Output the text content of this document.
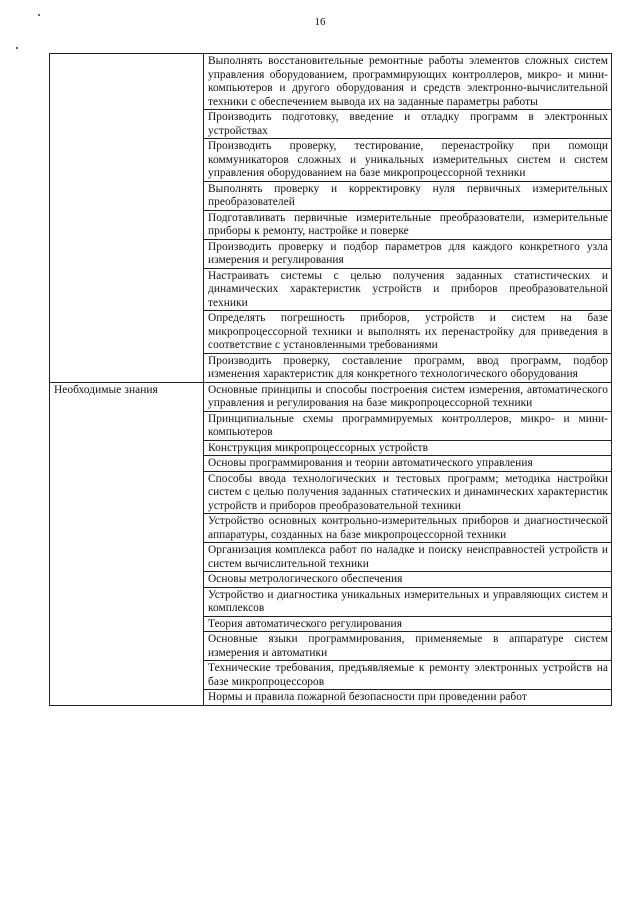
16
	Выполнять восстановительные ремонтные работы элементов сложных систем управления оборудованием, программирующих контроллеров, микро- и мини-компьютеров и другого оборудования и средств электронно-вычислительной техники с обеспечением вывода их на заданные параметры работы
	Производить подготовку, введение и отладку программ в электронных устройствах
	Производить проверку, тестирование, перенастройку при помощи коммуникаторов сложных и уникальных измерительных систем и систем управления оборудованием на базе микропроцессорной техники
	Выполнять проверку и корректировку нуля первичных измерительных преобразователей
	Подготавливать первичные измерительные преобразователи, измерительные приборы к ремонту, настройке и поверке
	Производить проверку и подбор параметров для каждого конкретного узла измерения и регулирования
	Настраивать системы с целью получения заданных статистических и динамических характеристик устройств и приборов преобразовательной техники
	Определять погрешность приборов, устройств и систем на базе микропроцессорной техники и выполнять их перенастройку для приведения в соответствие с установленными требованиями
	Производить проверку, составление программ, ввод программ, подбор изменения характеристик для конкретного технологического оборудования
Необходимые знания	Основные принципы и способы построения систем измерения, автоматического управления и регулирования на базе микропроцессорной техники
	Принципиальные схемы программируемых контроллеров, микро- и мини-компьютеров
	Конструкция микропроцессорных устройств
	Основы программирования и теории автоматического управления
	Способы ввода технологических и тестовых программ; методика настройки систем с целью получения заданных статических и динамических характеристик устройств и приборов преобразовательной техники
	Устройство основных контрольно-измерительных приборов и диагностической аппаратуры, созданных на базе микропроцессорной техники
	Организация комплекса работ по наладке и поиску неисправностей устройств и систем вычислительной техники
	Основы метрологического обеспечения
	Устройство и диагностика уникальных измерительных и управляющих систем и комплексов
	Теория автоматического регулирования
	Основные языки программирования, применяемые в аппаратуре систем измерения и автоматики
	Технические требования, предъявляемые к ремонту электронных устройств на базе микропроцессоров
	Нормы и правила пожарной безопасности при проведении работ
